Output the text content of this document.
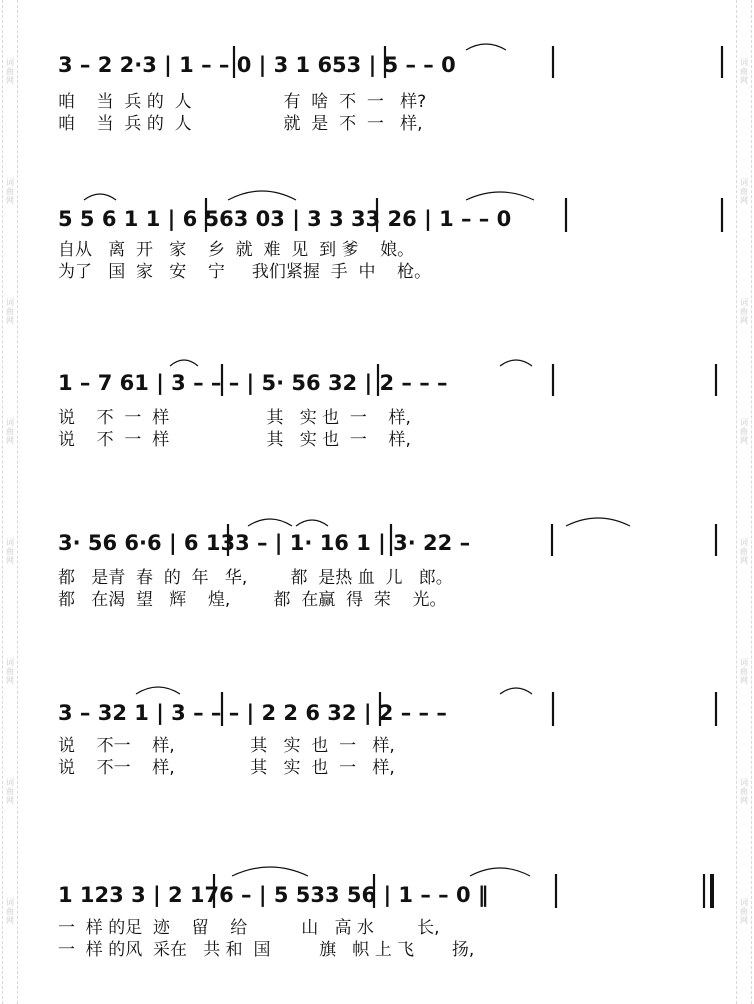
词曲网
词曲网
词曲网
词曲网
词曲网
词曲网
词曲网
词曲网
词曲网
词曲网
词曲网
词曲网
词曲网
词曲网
词曲网
词曲网
3 – 2 2·3 | 1 – – 0 | 3 1 653 | 5 – – 0
咱    当  兵 的  人                 有  啥  不  一   样?
咱    当  兵 的  人                 就  是  不  一   样,
5 5 6 1 1 | 6 563 03 | 3 3 33 26 | 1 – – 0
自从   离  开   家    乡  就  难  见  到 爹    娘。
为了   国  家   安    宁     我们紧握  手  中    枪。
1 – 7 61 | 3 – – – | 5· 56 32 | 2 – – –
说    不  一  样                  其   实 也  一    样,
说    不  一  样                  其   实 也  一    样,
3· 56 6·6 | 6 133 – | 1· 16 1 | 3· 22 –
都   是青  春  的  年   华,        都  是热 血  儿   郎。
都   在渴  望   辉    煌,        都  在赢  得  荣    光。
3 – 32 1 | 3 – – – | 2 2 6 32 | 2 – – –
说    不一    样,              其   实  也  一   样,
说    不一    样,              其   实  也  一   样,
1 123 3 | 2 176 – | 5 533 56 | 1 – – 0 ‖
一  样 的足  迹    留    给          山   高 水        长,
一  样 的风  采在   共 和  国         旗   帜 上 飞       扬,
